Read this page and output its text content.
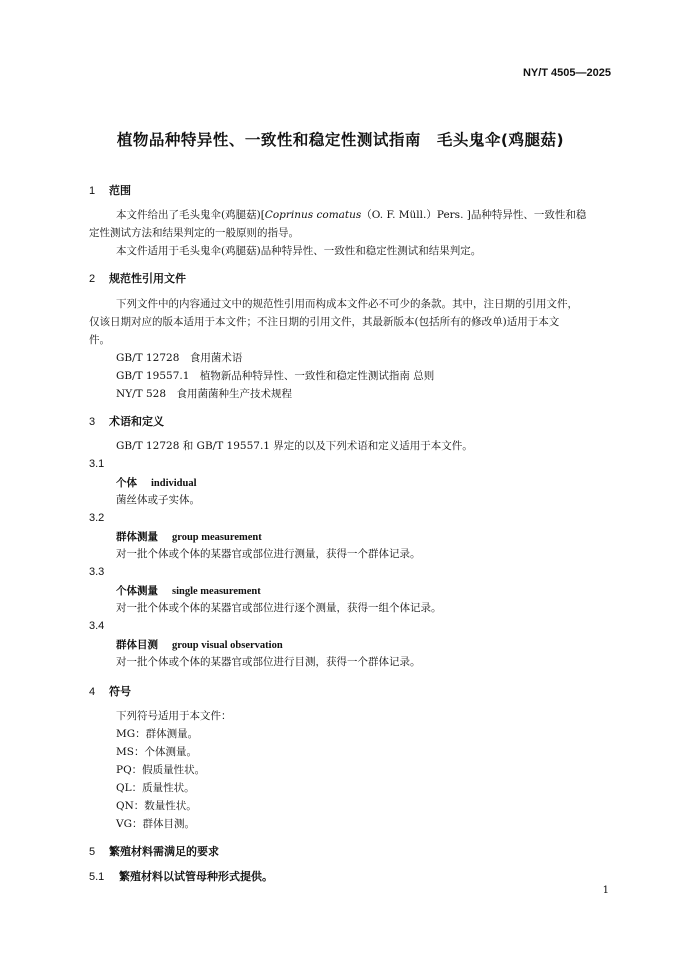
NY/T 4505—2025
植物品种特异性、一致性和稳定性测试指南　毛头鬼伞(鸡腿菇)
1 范围
本文件给出了毛头鬼伞(鸡腿菇)[Coprinus comatus（O. F. Müll.）Pers. ]品种特异性、一致性和稳
定性测试方法和结果判定的一般原则的指导。
本文件适用于毛头鬼伞(鸡腿菇)品种特异性、一致性和稳定性测试和结果判定。
2 规范性引用文件
下列文件中的内容通过文中的规范性引用而构成本文件必不可少的条款。其中，注日期的引用文件，
仅该日期对应的版本适用于本文件；不注日期的引用文件，其最新版本(包括所有的修改单)适用于本文
件。
GB/T 12728　食用菌术语
GB/T 19557.1　植物新品种特异性、一致性和稳定性测试指南 总则
NY/T 528　食用菌菌种生产技术规程
3 术语和定义
GB/T 12728 和 GB/T 19557.1 界定的以及下列术语和定义适用于本文件。
3.1
个体 individual
菌丝体或子实体。
3.2
群体测量 group measurement
对一批个体或个体的某器官或部位进行测量，获得一个群体记录。
3.3
个体测量 single measurement
对一批个体或个体的某器官或部位进行逐个测量，获得一组个体记录。
3.4
群体目测 group visual observation
对一批个体或个体的某器官或部位进行目测，获得一个群体记录。
4 符号
下列符号适用于本文件：
MG：群体测量。
MS：个体测量。
PQ：假质量性状。
QL：质量性状。
QN：数量性状。
VG：群体目测。
5 繁殖材料需满足的要求
5.1 繁殖材料以试管母种形式提供。
1
